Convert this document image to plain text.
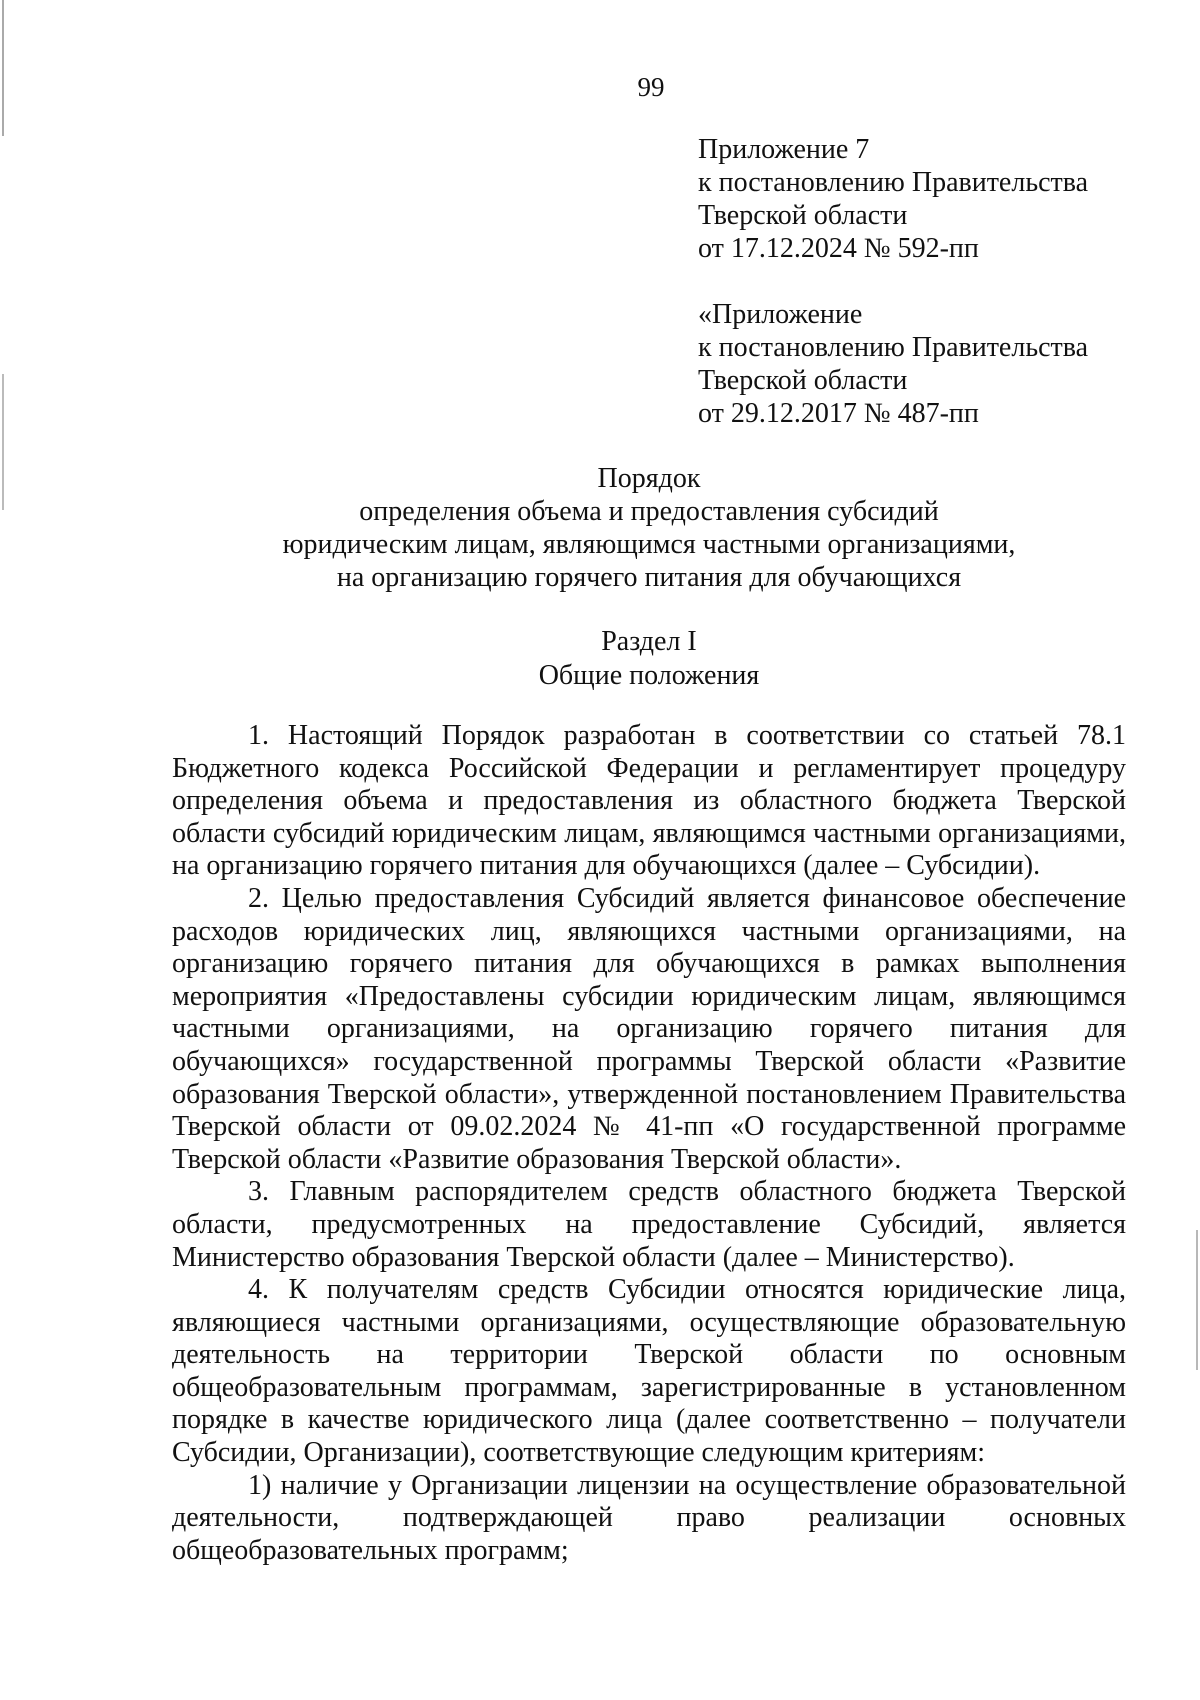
99
Приложение 7
к постановлению Правительства
Тверской области
от 17.12.2024 № 592-пп
«Приложение
к постановлению Правительства
Тверской области
от 29.12.2017 № 487-пп
Порядок
определения объема и предоставления субсидий
юридическим лицам, являющимся частными организациями,
на организацию горячего питания для обучающихся
Раздел I
Общие положения

1. Настоящий Порядок разработан в соответствии со статьей 78.1 Бюджетного кодекса Российской Федерации и регламентирует процедуру определения объема и предоставления из областного бюджета Тверской области субсидий юридическим лицам, являющимся частными организациями, на организацию горячего питания для обучающихся (далее – Субсидии).

2. Целью предоставления Субсидий является финансовое обеспечение расходов юридических лиц, являющихся частными организациями, на организацию горячего питания для обучающихся в рамках выполнения мероприятия «Предоставлены субсидии юридическим лицам, являющимся частными организациями, на организацию горячего питания для обучающихся» государственной программы Тверской области «Развитие образования Тверской области», утвержденной постановлением Правительства Тверской области от 09.02.2024 № 41-пп «О государственной программе Тверской области «Развитие образования Тверской области».

3. Главным распорядителем средств областного бюджета Тверской области, предусмотренных на предоставление Субсидий, является Министерство образования Тверской области (далее – Министерство).

4. К получателям средств Субсидии относятся юридические лица, являющиеся частными организациями, осуществляющие образовательную деятельность на территории Тверской области по основным общеобразовательным программам, зарегистрированные в установленном порядке в качестве юридического лица (далее соответственно – получатели Субсидии, Организации), соответствующие следующим критериям:

1) наличие у Организации лицензии на осуществление образовательной деятельности, подтверждающей право реализации основных общеобразовательных программ;
